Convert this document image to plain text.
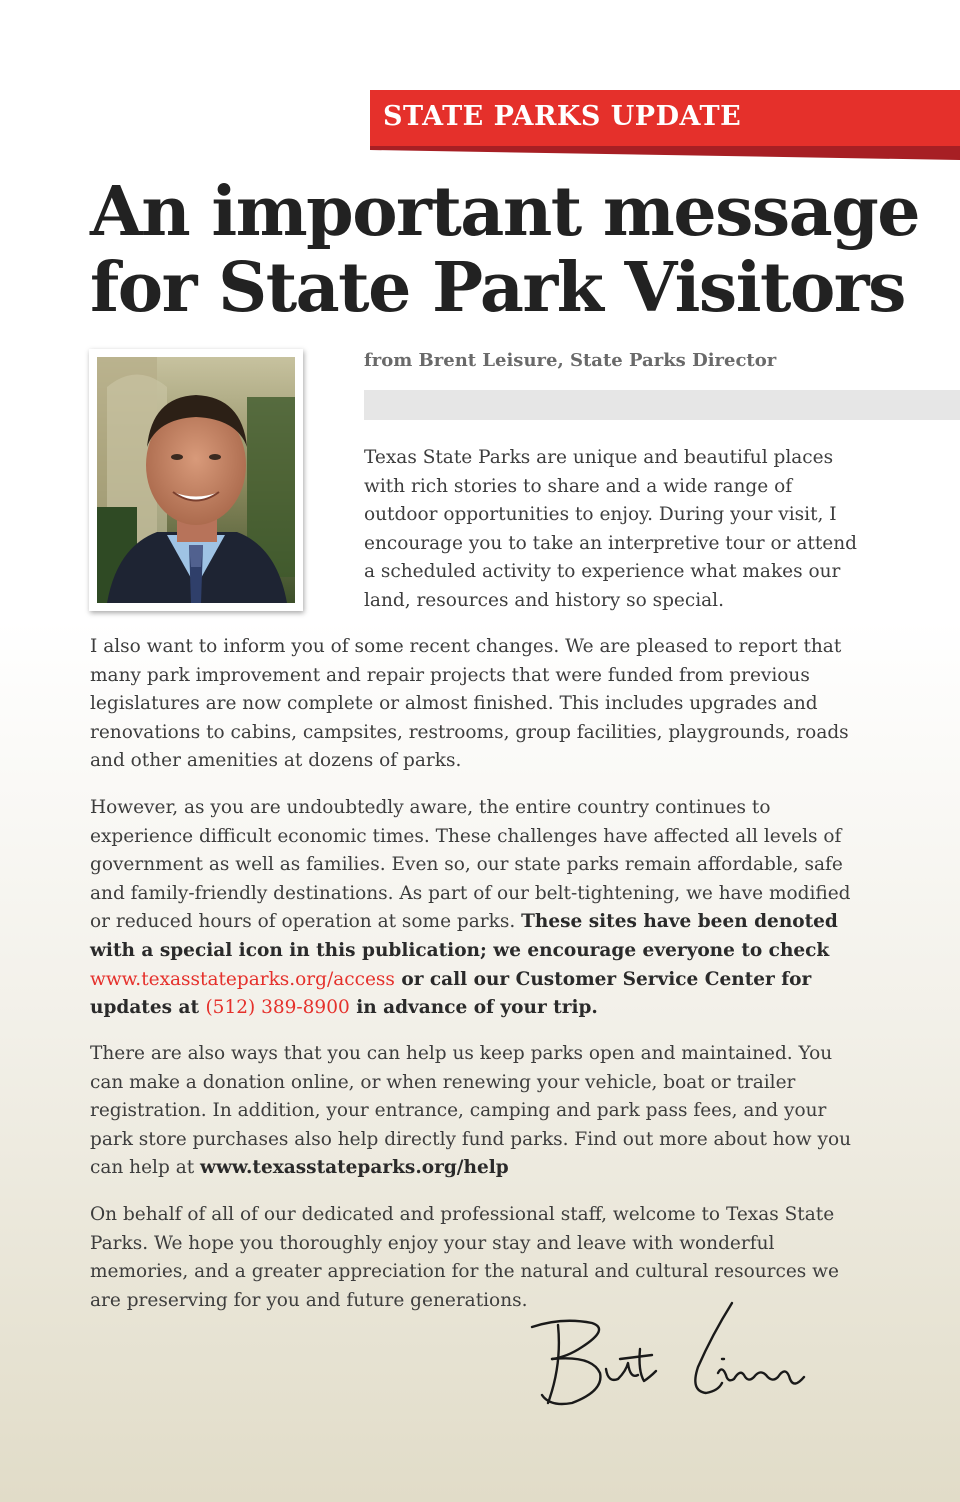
STATE PARKS UPDATE
An important message
for State Park Visitors
from Brent Leisure, State Parks Director

Texas State Parks are unique and beautiful places with rich stories to share and a wide range of outdoor opportunities to enjoy. During your visit, I encourage you to take an interpretive tour or attend a scheduled activity to experience what makes our land, resources and history so special.

I also want to inform you of some recent changes. We are pleased to report that many park improvement and repair projects that were funded from previous legislatures are now complete or almost finished. This includes upgrades and renovations to cabins, campsites, restrooms, group facilities, playgrounds, roads and other amenities at dozens of parks.

However, as you are undoubtedly aware, the entire country continues to experience difficult economic times. These challenges have affected all levels of government as well as families. Even so, our state parks remain affordable, safe and family-friendly destinations. As part of our belt-tightening, we have modified or reduced hours of operation at some parks. These sites have been denoted with a special icon in this publication; we encourage everyone to check www.texasstateparks.org/access or call our Customer Service Center for updates at (512) 389-8900 in advance of your trip.

There are also ways that you can help us keep parks open and maintained. You can make a donation online, or when renewing your vehicle, boat or trailer registration. In addition, your entrance, camping and park pass fees, and your park store purchases also help directly fund parks. Find out more about how you can help at www.texasstateparks.org/help

On behalf of all of our dedicated and professional staff, welcome to Texas State Parks. We hope you thoroughly enjoy your stay and leave with wonderful memories, and a greater appreciation for the natural and cultural resources we are preserving for you and future generations.
